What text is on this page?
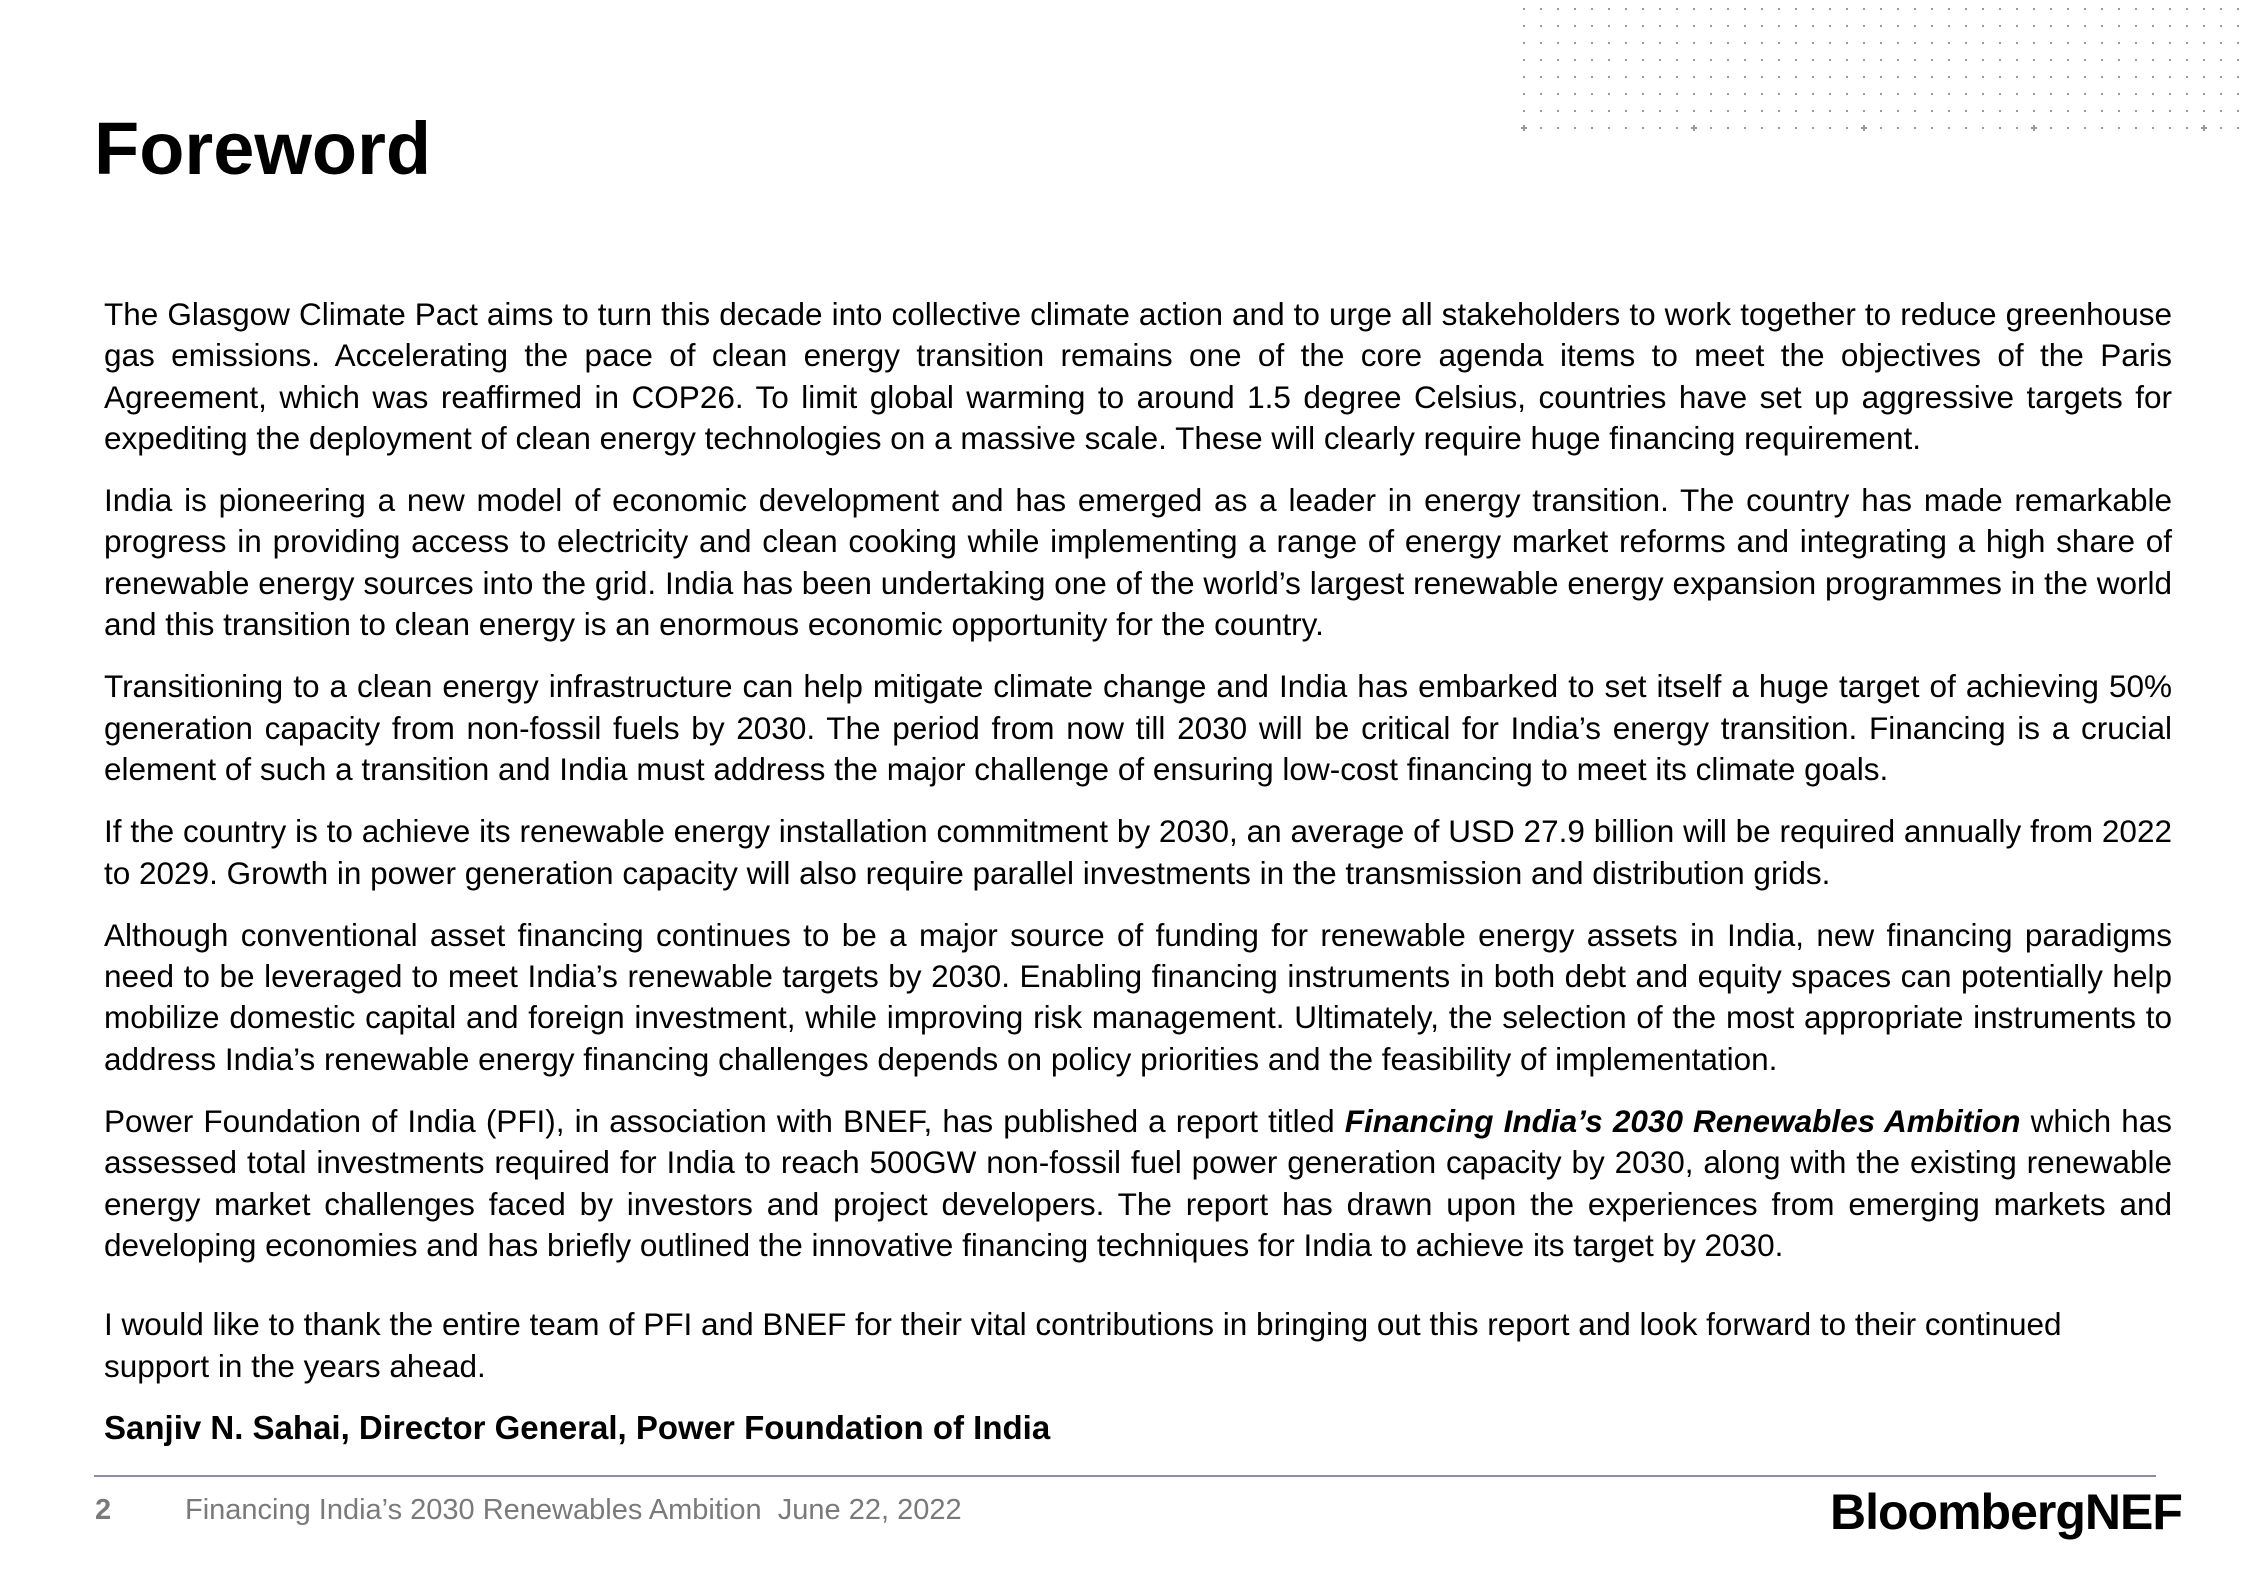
Foreword

The Glasgow Climate Pact aims to turn this decade into collective climate action and to urge all stakeholders to work together to reduce greenhouse gas emissions. Accelerating the pace of clean energy transition remains one of the core agenda items to meet the objectives of the Paris Agreement, which was reaffirmed in COP26. To limit global warming to around 1.5 degree Celsius, countries have set up aggressive targets for expediting the deployment of clean energy technologies on a massive scale. These will clearly require huge financing requirement.

India is pioneering a new model of economic development and has emerged as a leader in energy transition. The country has made remarkable progress in providing access to electricity and clean cooking while implementing a range of energy market reforms and integrating a high share of renewable energy sources into the grid. India has been undertaking one of the world’s largest renewable energy expansion programmes in the world and this transition to clean energy is an enormous economic opportunity for the country.

Transitioning to a clean energy infrastructure can help mitigate climate change and India has embarked to set itself a huge target of achieving 50% generation capacity from non-fossil fuels by 2030. The period from now till 2030 will be critical for India’s energy transition. Financing is a crucial element of such a transition and India must address the major challenge of ensuring low-cost financing to meet its climate goals.

If the country is to achieve its renewable energy installation commitment by 2030, an average of USD 27.9 billion will be required annually from 2022 to 2029. Growth in power generation capacity will also require parallel investments in the transmission and distribution grids.

Although conventional asset financing continues to be a major source of funding for renewable energy assets in India, new financing paradigms need to be leveraged to meet India’s renewable targets by 2030. Enabling financing instruments in both debt and equity spaces can potentially help mobilize domestic capital and foreign investment, while improving risk management. Ultimately, the selection of the most appropriate instruments to address India’s renewable energy financing challenges depends on policy priorities and the feasibility of implementation.

Power Foundation of India (PFI), in association with BNEF, has published a report titled Financing India’s 2030 Renewables Ambition which has assessed total investments required for India to reach 500GW non-fossil fuel power generation capacity by 2030, along with the existing renewable energy market challenges faced by investors and project developers. The report has drawn upon the experiences from emerging markets and developing economies and has briefly outlined the innovative financing techniques for India to achieve its target by 2030.

I would like to thank the entire team of PFI and BNEF for their vital contributions in bringing out this report and look forward to their continued support in the years ahead.

Sanjiv N. Sahai, Director General, Power Foundation of India
2	Financing India’s 2030 Renewables Ambition June 22, 2022	BloombergNEF
